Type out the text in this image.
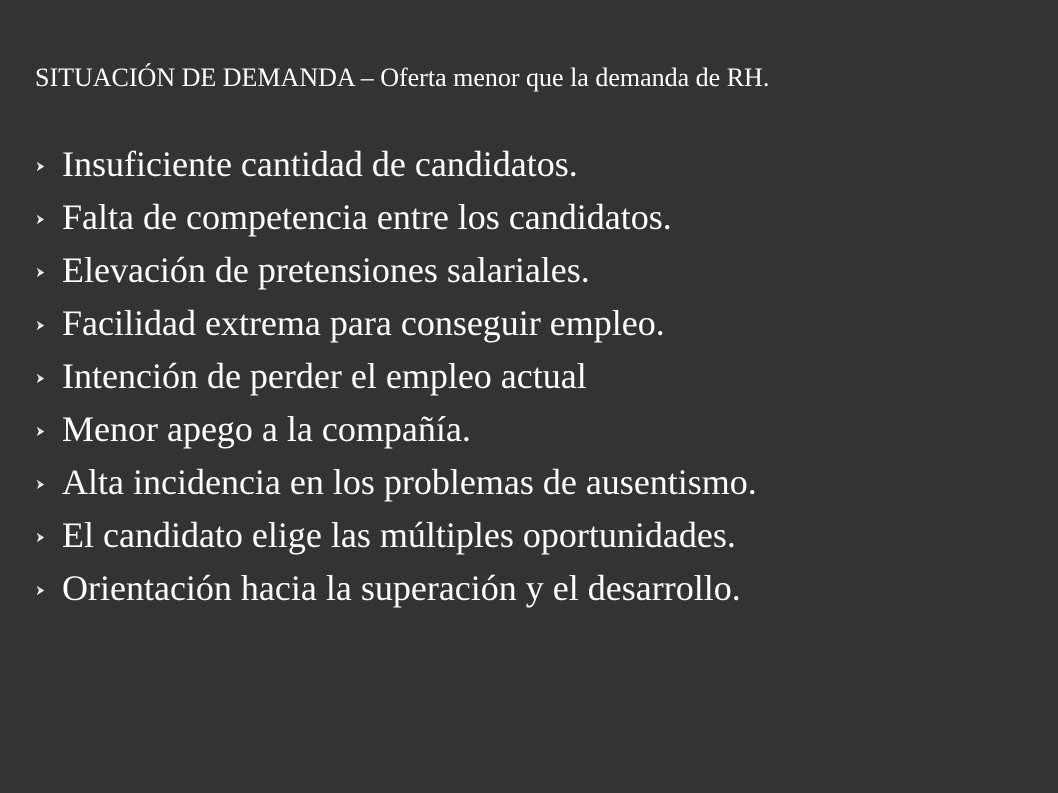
SITUACIÓN DE DEMANDA – Oferta menor que la demanda de RH.
Insuficiente cantidad de candidatos.
Falta de competencia entre los candidatos.
Elevación de pretensiones salariales.
Facilidad extrema para conseguir empleo.
Intención de perder el empleo actual
Menor apego a la compañía.
Alta incidencia en los problemas de ausentismo.
El candidato elige las múltiples oportunidades.
Orientación hacia la superación y el desarrollo.
